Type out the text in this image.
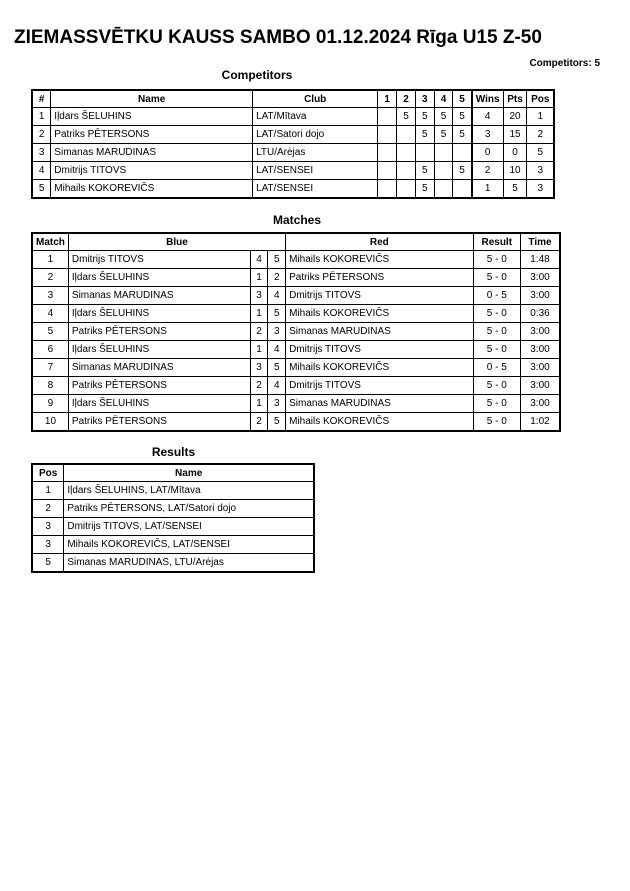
ZIEMASSVĒTKU KAUSS SAMBO 01.12.2024 Rīga U15 Z-50
Competitors: 5
Competitors
#	Name	Club	1	2	3	4	5	Wins	Pts	Pos
1	Iļdars ŠELUHINS	LAT/Mītava		5	5	5	5	4	20	1
2	Patriks PĒTERSONS	LAT/Satori dojo			5	5	5	3	15	2
3	Simanas MARUDINAS	LTU/Arėjas						0	0	5
4	Dmitrijs TITOVS	LAT/SENSEI			5		5	2	10	3
5	Mihails KOKOREVIČS	LAT/SENSEI			5			1	5	3
Matches
Match	Blue			Red	Result	Time
1	Dmitrijs TITOVS	4	5	Mihails KOKOREVIČS	5 - 0	1:48
2	Iļdars ŠELUHINS	1	2	Patriks PĒTERSONS	5 - 0	3:00
3	Simanas MARUDINAS	3	4	Dmitrijs TITOVS	0 - 5	3:00
4	Iļdars ŠELUHINS	1	5	Mihails KOKOREVIČS	5 - 0	0:36
5	Patriks PĒTERSONS	2	3	Simanas MARUDINAS	5 - 0	3:00
6	Iļdars ŠELUHINS	1	4	Dmitrijs TITOVS	5 - 0	3:00
7	Simanas MARUDINAS	3	5	Mihails KOKOREVIČS	0 - 5	3:00
8	Patriks PĒTERSONS	2	4	Dmitrijs TITOVS	5 - 0	3:00
9	Iļdars ŠELUHINS	1	3	Simanas MARUDINAS	5 - 0	3:00
10	Patriks PĒTERSONS	2	5	Mihails KOKOREVIČS	5 - 0	1:02
Results
Pos	Name
1	Iļdars ŠELUHINS, LAT/Mītava
2	Patriks PĒTERSONS, LAT/Satori dojo
3	Dmitrijs TITOVS, LAT/SENSEI
3	Mihails KOKOREVIČS, LAT/SENSEI
5	Simanas MARUDINAS, LTU/Arėjas
